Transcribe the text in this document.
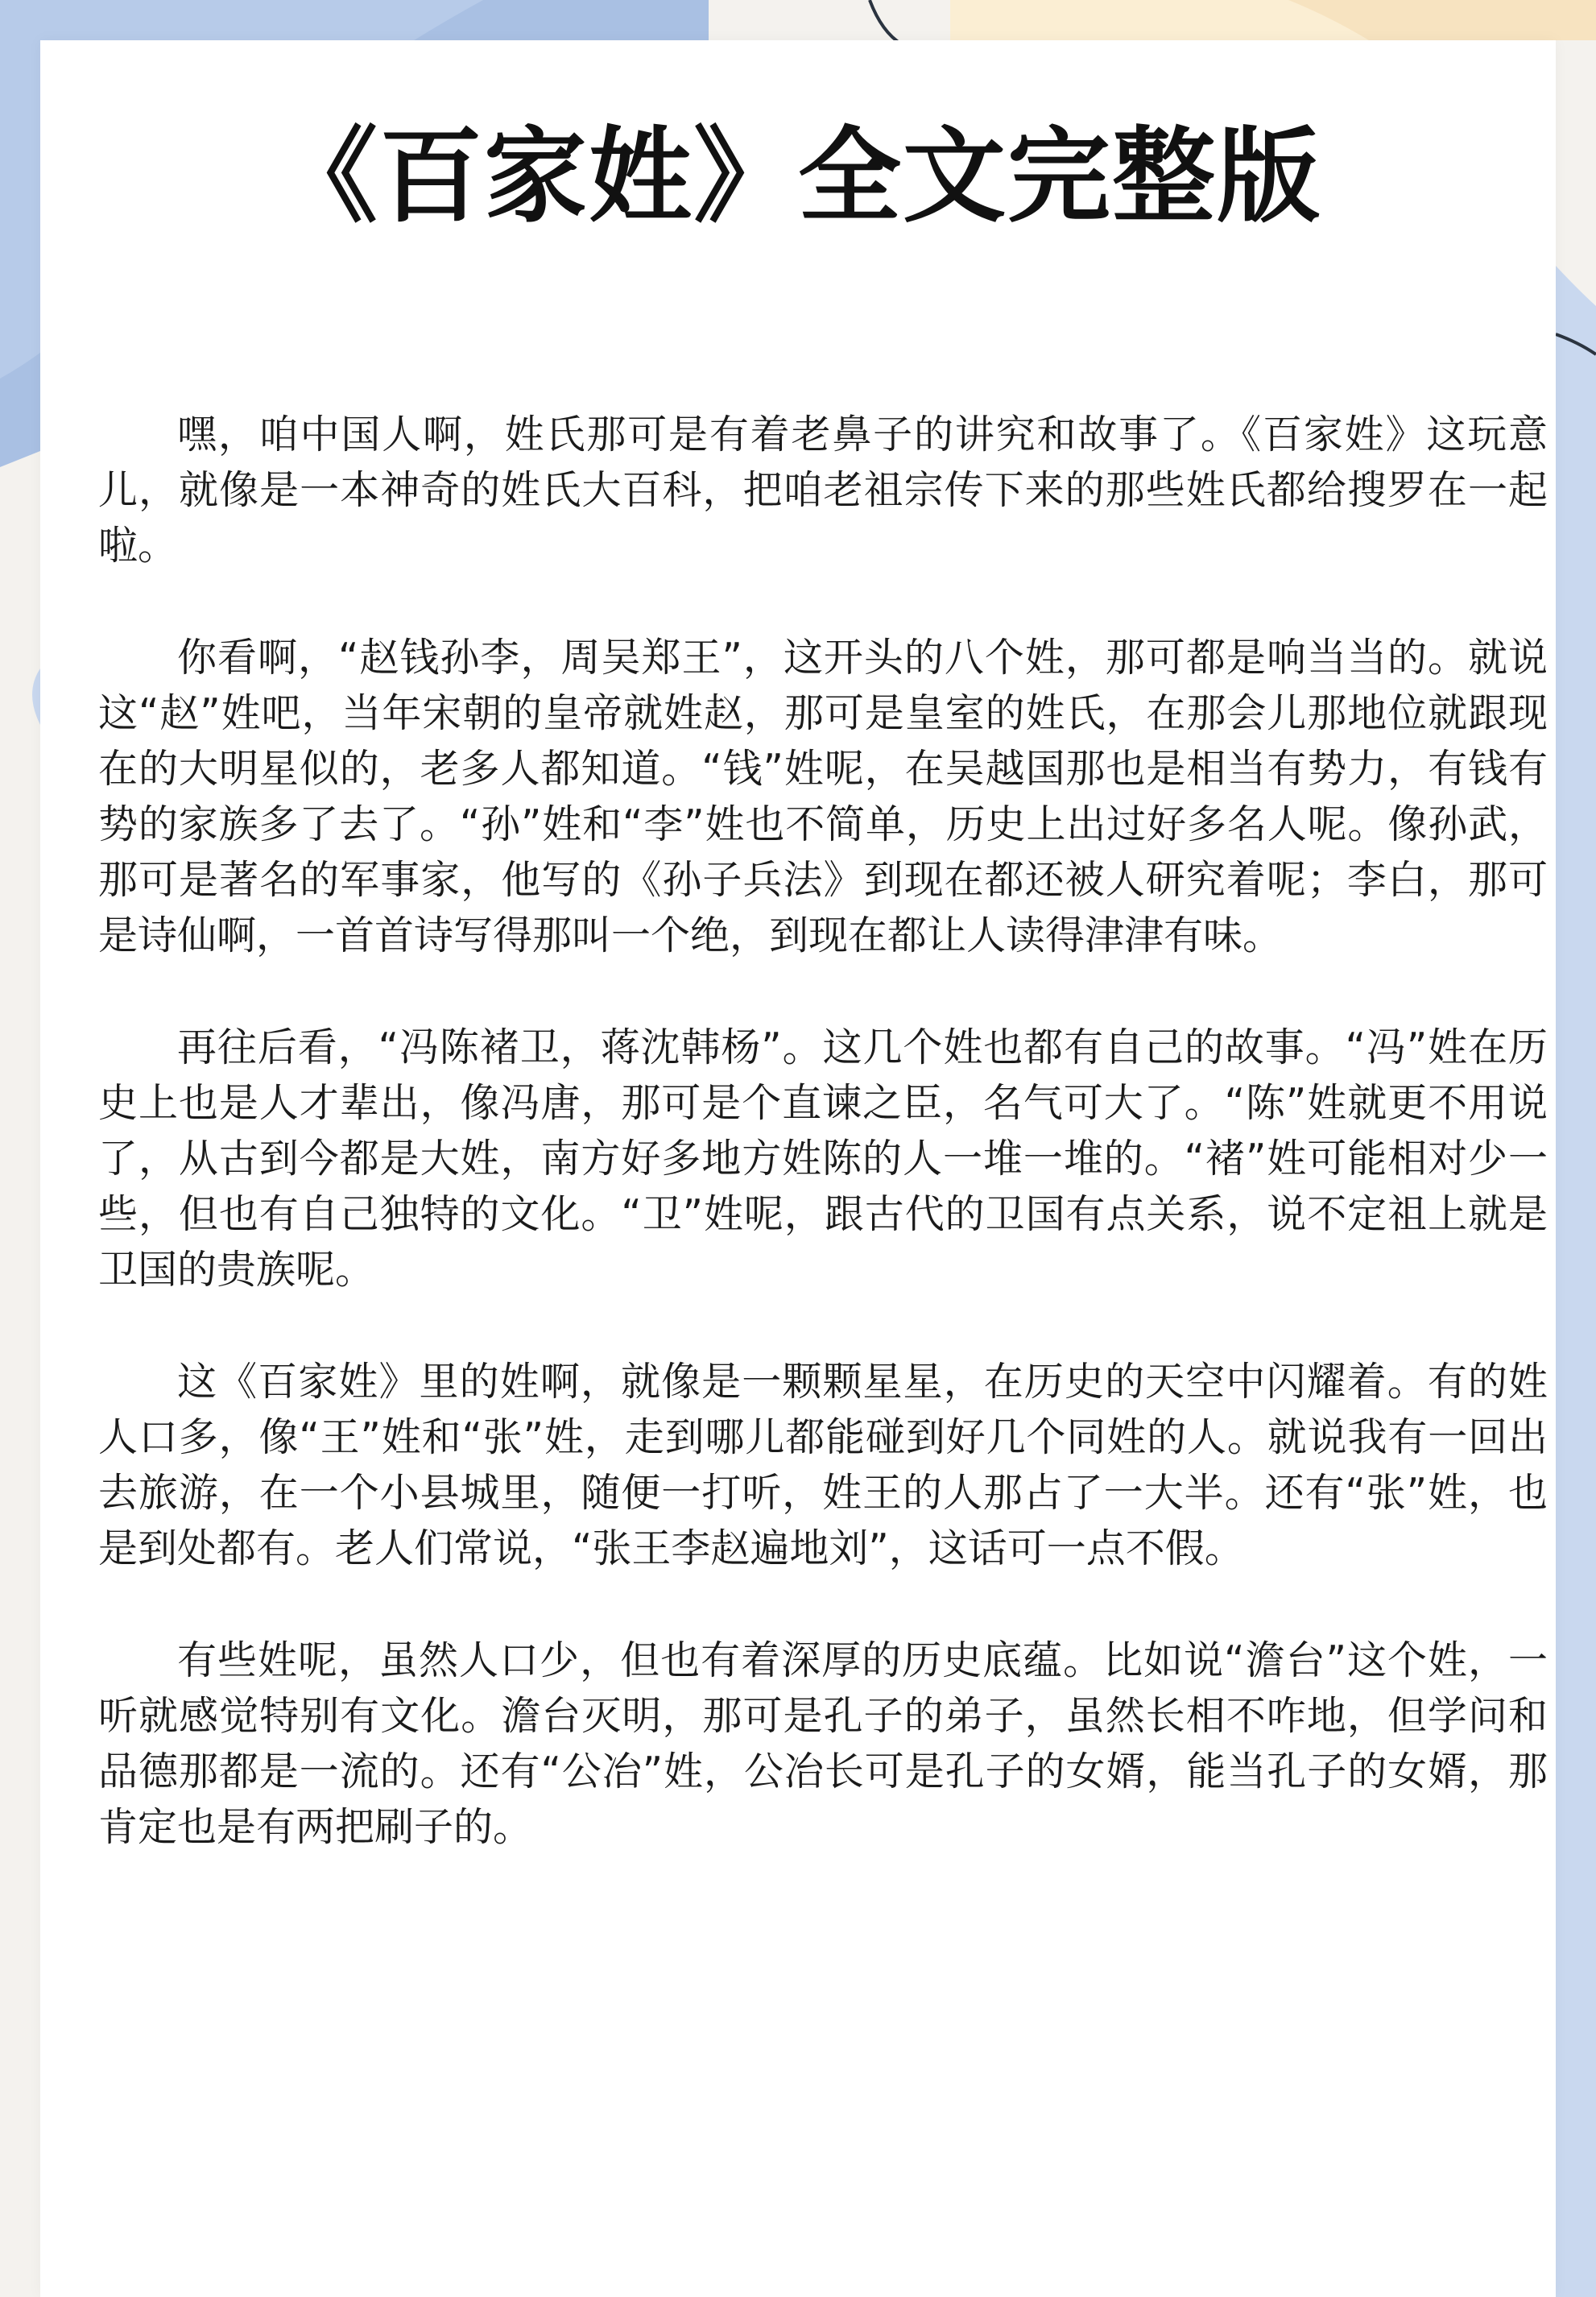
《百家姓》全文完整版

嘿，咱中国人啊，姓氏那可是有着老鼻子的讲究和故事了。《百家姓》这玩意儿，就像是一本神奇的姓氏大百科，把咱老祖宗传下来的那些姓氏都给搜罗在一起啦。

你看啊，“赵钱孙李，周吴郑王”，这开头的八个姓，那可都是响当当的。就说这“赵”姓吧，当年宋朝的皇帝就姓赵，那可是皇室的姓氏，在那会儿那地位就跟现在的大明星似的，老多人都知道。“钱”姓呢，在吴越国那也是相当有势力，有钱有势的家族多了去了。“孙”姓和“李”姓也不简单，历史上出过好多名人呢。像孙武，那可是著名的军事家，他写的《孙子兵法》到现在都还被人研究着呢；李白，那可是诗仙啊，一首首诗写得那叫一个绝，到现在都让人读得津津有味。

再往后看，“冯陈褚卫，蒋沈韩杨”。这几个姓也都有自己的故事。“冯”姓在历史上也是人才辈出，像冯唐，那可是个直谏之臣，名气可大了。“陈”姓就更不用说了，从古到今都是大姓，南方好多地方姓陈的人一堆一堆的。“褚”姓可能相对少一些，但也有自己独特的文化。“卫”姓呢，跟古代的卫国有点关系，说不定祖上就是卫国的贵族呢。

这《百家姓》里的姓啊，就像是一颗颗星星，在历史的天空中闪耀着。有的姓人口多，像“王”姓和“张”姓，走到哪儿都能碰到好几个同姓的人。就说我有一回出去旅游，在一个小县城里，随便一打听，姓王的人那占了一大半。还有“张”姓，也是到处都有。老人们常说，“张王李赵遍地刘”，这话可一点不假。

有些姓呢，虽然人口少，但也有着深厚的历史底蕴。比如说“澹台”这个姓，一听就感觉特别有文化。澹台灭明，那可是孔子的弟子，虽然长相不咋地，但学问和品德那都是一流的。还有“公冶”姓，公冶长可是孔子的女婿，能当孔子的女婿，那肯定也是有两把刷子的。
